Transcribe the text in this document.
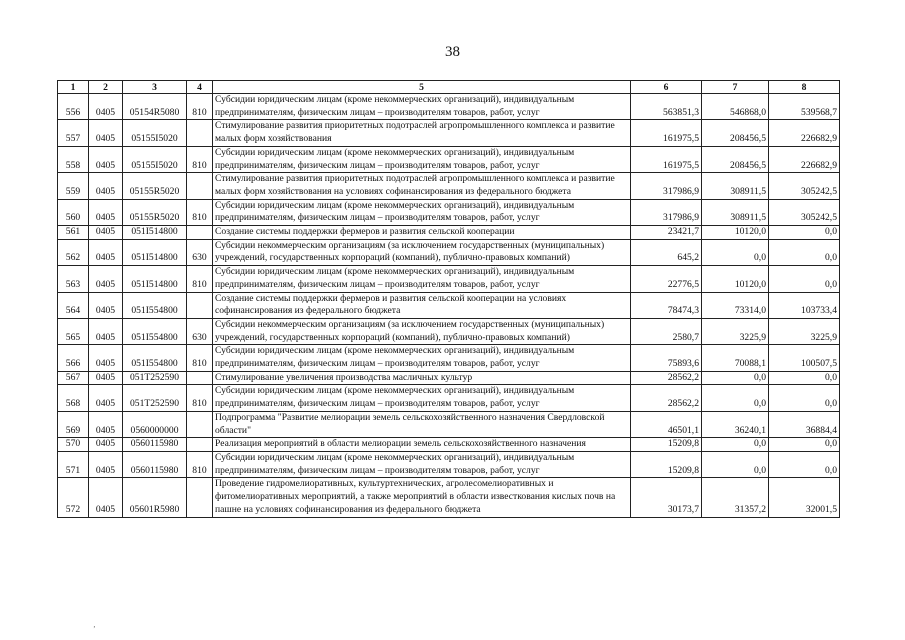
38
1	2	3	4	5	6	7	8
556	0405	05154R5080	810	Субсидии юридическим лицам (кроме некоммерческих организаций), индивидуальным предпринимателям, физическим лицам – производителям товаров, работ, услуг	563851,3	546868,0	539568,7
557	0405	05155I5020		Стимулирование развития приоритетных подотраслей агропромышленного комплекса и развитие малых форм хозяйствования	161975,5	208456,5	226682,9
558	0405	05155I5020	810	Субсидии юридическим лицам (кроме некоммерческих организаций), индивидуальным предпринимателям, физическим лицам – производителям товаров, работ, услуг	161975,5	208456,5	226682,9
559	0405	05155R5020		Стимулирование развития приоритетных подотраслей агропромышленного комплекса и развитие малых форм хозяйствования на условиях софинансирования из федерального бюджета	317986,9	308911,5	305242,5
560	0405	05155R5020	810	Субсидии юридическим лицам (кроме некоммерческих организаций), индивидуальным предпринимателям, физическим лицам – производителям товаров, работ, услуг	317986,9	308911,5	305242,5
561	0405	051I514800		Создание системы поддержки фермеров и развития сельской кооперации	23421,7	10120,0	0,0
562	0405	051I514800	630	Субсидии некоммерческим организациям (за исключением государственных (муниципальных) учреждений, государственных корпораций (компаний), публично-правовых компаний)	645,2	0,0	0,0
563	0405	051I514800	810	Субсидии юридическим лицам (кроме некоммерческих организаций), индивидуальным предпринимателям, физическим лицам – производителям товаров, работ, услуг	22776,5	10120,0	0,0
564	0405	051I554800		Создание системы поддержки фермеров и развития сельской кооперации на условиях софинансирования из федерального бюджета	78474,3	73314,0	103733,4
565	0405	051I554800	630	Субсидии некоммерческим организациям (за исключением государственных (муниципальных) учреждений, государственных корпораций (компаний), публично-правовых компаний)	2580,7	3225,9	3225,9
566	0405	051I554800	810	Субсидии юридическим лицам (кроме некоммерческих организаций), индивидуальным предпринимателям, физическим лицам – производителям товаров, работ, услуг	75893,6	70088,1	100507,5
567	0405	051T252590		Стимулирование увеличения производства масличных культур	28562,2	0,0	0,0
568	0405	051T252590	810	Субсидии юридическим лицам (кроме некоммерческих организаций), индивидуальным предпринимателям, физическим лицам – производителям товаров, работ, услуг	28562,2	0,0	0,0
569	0405	0560000000		Подпрограмма "Развитие мелиорации земель сельскохозяйственного назначения Свердловской области"	46501,1	36240,1	36884,4
570	0405	0560115980		Реализация мероприятий в области мелиорации земель сельскохозяйственного назначения	15209,8	0,0	0,0
571	0405	0560115980	810	Субсидии юридическим лицам (кроме некоммерческих организаций), индивидуальным предпринимателям, физическим лицам – производителям товаров, работ, услуг	15209,8	0,0	0,0
572	0405	05601R5980		Проведение гидромелиоративных, культуртехнических, агролесомелиоративных и фитомелиоративных мероприятий, а также мероприятий в области известкования кислых почв на пашне на условиях софинансирования из федерального бюджета	30173,7	31357,2	32001,5
‚
